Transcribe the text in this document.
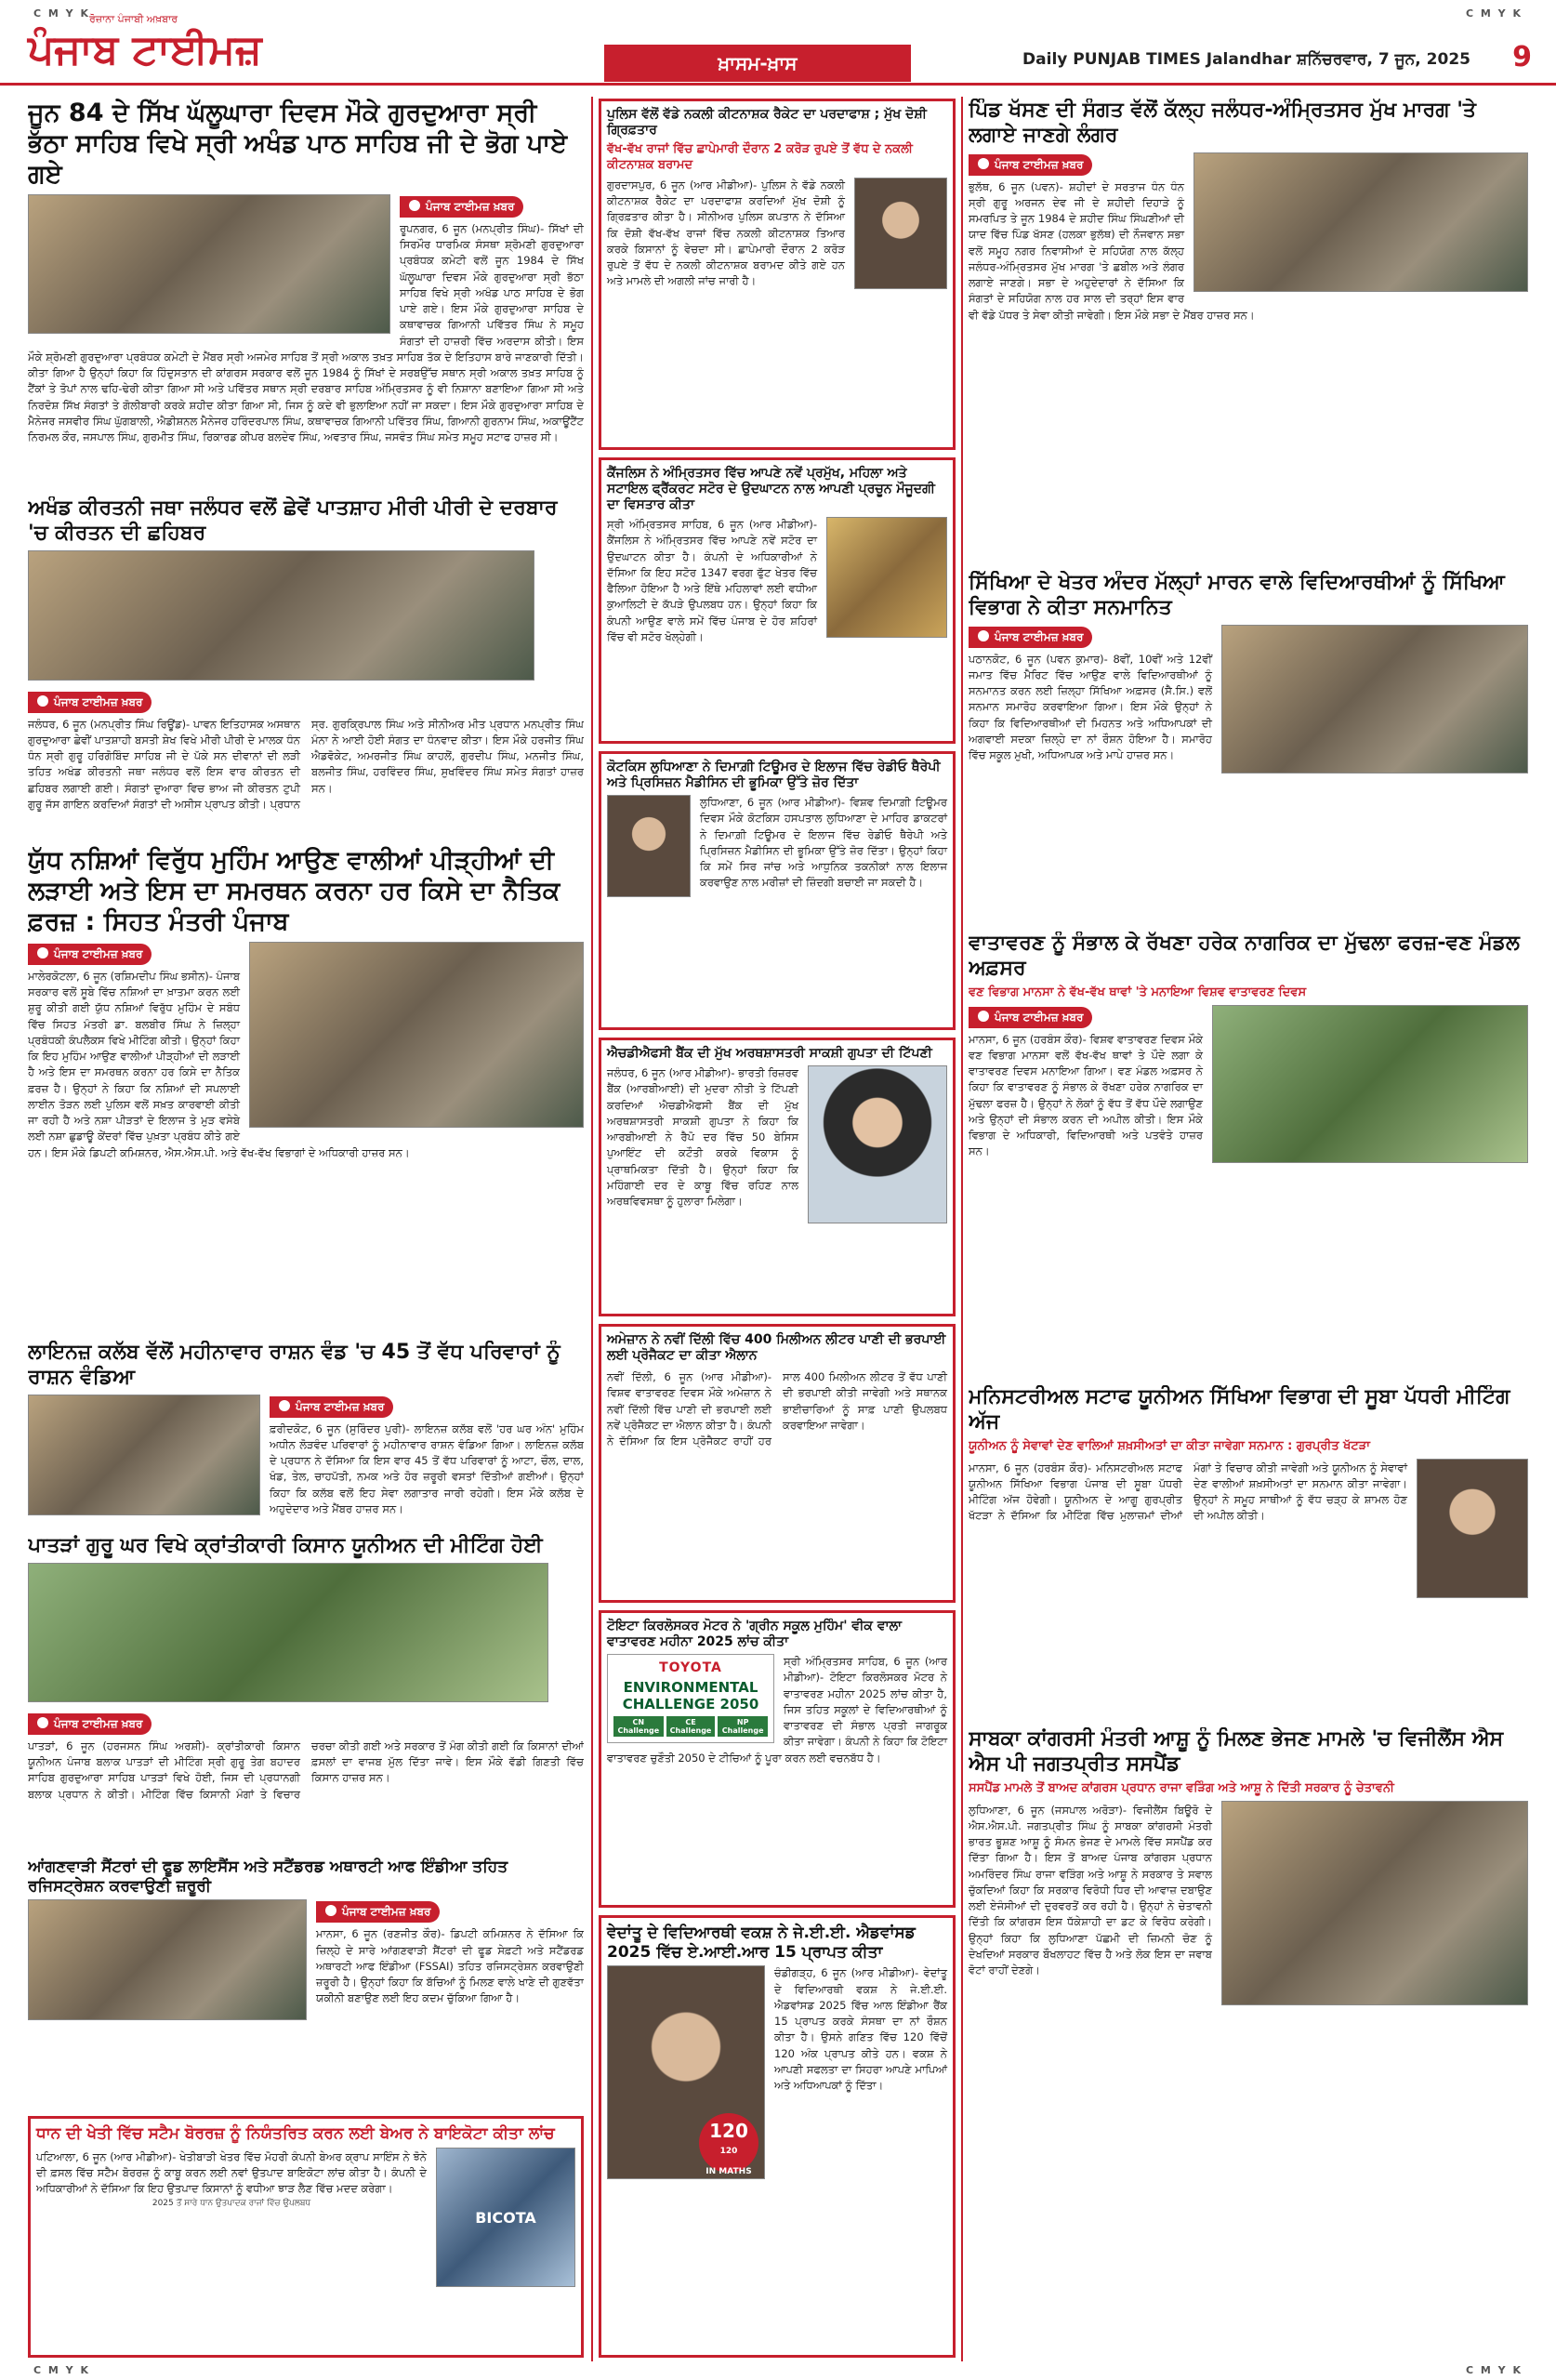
C M Y K	C M Y K
C M Y K	C M Y K
ਰੋਜ਼ਾਨਾ ਪੰਜਾਬੀ ਅਖ਼ਬਾਰ
ਪੰਜਾਬ ਟਾਈਮਜ਼	ਖ਼ਾਸਮ-ਖ਼ਾਸ	Daily PUNJAB TIMES Jalandhar ਸ਼ਨਿੱਚਰਵਾਰ, 7 ਜੂਨ, 2025 9
ਜੂਨ 84 ਦੇ ਸਿੱਖ ਘੱਲੂਘਾਰਾ ਦਿਵਸ ਮੌਕੇ ਗੁਰਦੁਆਰਾ ਸ੍ਰੀ ਭੱਠਾ ਸਾਹਿਬ ਵਿਖੇ ਸ੍ਰੀ ਅਖੰਡ ਪਾਠ ਸਾਹਿਬ ਜੀ ਦੇ ਭੋਗ ਪਾਏ ਗਏ
ਪੰਜਾਬ ਟਾਈਮਜ਼ ਖ਼ਬਰ
ਰੂਪਨਗਰ, 6 ਜੂਨ (ਮਨਪ੍ਰੀਤ ਸਿੰਘ)- ਸਿੱਖਾਂ ਦੀ ਸਿਰਮੌਰ ਧਾਰਮਿਕ ਸੰਸਥਾ ਸ਼੍ਰੋਮਣੀ ਗੁਰਦੁਆਰਾ ਪ੍ਰਬੰਧਕ ਕਮੇਟੀ ਵਲੋਂ ਜੂਨ 1984 ਦੇ ਸਿੱਖ ਘੱਲੂਘਾਰਾ ਦਿਵਸ ਮੌਕੇ ਗੁਰਦੁਆਰਾ ਸ੍ਰੀ ਭੱਠਾ ਸਾਹਿਬ ਵਿਖੇ ਸ੍ਰੀ ਅਖੰਡ ਪਾਠ ਸਾਹਿਬ ਦੇ ਭੋਗ ਪਾਏ ਗਏ। ਇਸ ਮੌਕੇ ਗੁਰਦੁਆਰਾ ਸਾਹਿਬ ਦੇ ਕਥਾਵਾਚਕ ਗਿਆਨੀ ਪਵਿੱਤਰ ਸਿੰਘ ਨੇ ਸਮੂਹ ਸੰਗਤਾਂ ਦੀ ਹਾਜ਼ਰੀ ਵਿੱਚ ਅਰਦਾਸ ਕੀਤੀ। ਇਸ ਮੌਕੇ ਸ਼੍ਰੋਮਣੀ ਗੁਰਦੁਆਰਾ ਪ੍ਰਬੰਧਕ ਕਮੇਟੀ ਦੇ ਮੈਂਬਰ ਸ੍ਰੀ ਅਜਮੇਰ ਸਾਹਿਬ ਤੋਂ ਸ੍ਰੀ ਅਕਾਲ ਤਖ਼ਤ ਸਾਹਿਬ ਤੱਕ ਦੇ ਇਤਿਹਾਸ ਬਾਰੇ ਜਾਣਕਾਰੀ ਦਿੱਤੀ। ਕੀਤਾ ਗਿਆ ਹੈ ਉਨ੍ਹਾਂ ਕਿਹਾ ਕਿ ਹਿੰਦੁਸਤਾਨ ਦੀ ਕਾਂਗਰਸ ਸਰਕਾਰ ਵਲੋਂ ਜੂਨ 1984 ਨੂੰ ਸਿੱਖਾਂ ਦੇ ਸਰਬਉੱਚ ਸਥਾਨ ਸ੍ਰੀ ਅਕਾਲ ਤਖ਼ਤ ਸਾਹਿਬ ਨੂੰ ਟੈਂਕਾਂ ਤੇ ਤੋਪਾਂ ਨਾਲ ਢਹਿ-ਢੇਰੀ ਕੀਤਾ ਗਿਆ ਸੀ ਅਤੇ ਪਵਿੱਤਰ ਸਥਾਨ ਸ੍ਰੀ ਦਰਬਾਰ ਸਾਹਿਬ ਅੰਮ੍ਰਿਤਸਰ ਨੂੰ ਵੀ ਨਿਸ਼ਾਨਾ ਬਣਾਇਆ ਗਿਆ ਸੀ ਅਤੇ ਨਿਰਦੋਸ਼ ਸਿੱਖ ਸੰਗਤਾਂ ਤੇ ਗੋਲੀਬਾਰੀ ਕਰਕੇ ਸ਼ਹੀਦ ਕੀਤਾ ਗਿਆ ਸੀ, ਜਿਸ ਨੂੰ ਕਦੇ ਵੀ ਭੁਲਾਇਆ ਨਹੀਂ ਜਾ ਸਕਦਾ। ਇਸ ਮੌਕੇ ਗੁਰਦੁਆਰਾ ਸਾਹਿਬ ਦੇ ਮੈਨੇਜਰ ਜਸਵੀਰ ਸਿੰਘ ਘੁੱਗਬਾਲੀ, ਐਡੀਸ਼ਨਲ ਮੈਨੇਜਰ ਹਰਿੰਦਰਪਾਲ ਸਿੰਘ, ਕਥਾਵਾਚਕ ਗਿਆਨੀ ਪਵਿੱਤਰ ਸਿੰਘ, ਗਿਆਨੀ ਗੁਰਨਾਮ ਸਿੰਘ, ਅਕਾਊਂਟੈਂਟ ਨਿਰਮਲ ਕੌਰ, ਜਸਪਾਲ ਸਿੰਘ, ਗੁਰਮੀਤ ਸਿੰਘ, ਰਿਕਾਰਡ ਕੀਪਰ ਬਲਦੇਵ ਸਿੰਘ, ਅਵਤਾਰ ਸਿੰਘ, ਜਸਵੰਤ ਸਿੰਘ ਸਮੇਤ ਸਮੂਹ ਸਟਾਫ ਹਾਜ਼ਰ ਸੀ।
ਅਖੰਡ ਕੀਰਤਨੀ ਜਥਾ ਜਲੰਧਰ ਵਲੋਂ ਛੇਵੇਂ ਪਾਤਸ਼ਾਹ ਮੀਰੀ ਪੀਰੀ ਦੇ ਦਰਬਾਰ 'ਚ ਕੀਰਤਨ ਦੀ ਛਹਿਬਰ
ਪੰਜਾਬ ਟਾਈਮਜ਼ ਖ਼ਬਰ
ਜਲੰਧਰ, 6 ਜੂਨ (ਮਨਪ੍ਰੀਤ ਸਿੰਘ ਰਿਊਂਡ)- ਪਾਵਨ ਇਤਿਹਾਸਕ ਅਸਥਾਨ ਗੁਰਦੁਆਰਾ ਛੇਵੀਂ ਪਾਤਸ਼ਾਹੀ ਬਸਤੀ ਸ਼ੇਖ ਵਿਖੇ ਮੀਰੀ ਪੀਰੀ ਦੇ ਮਾਲਕ ਧੰਨ ਧੰਨ ਸ੍ਰੀ ਗੁਰੂ ਹਰਿਗੋਬਿੰਦ ਸਾਹਿਬ ਜੀ ਦੇ ਪੱਕੇ ਸਨ ਦੀਵਾਨਾਂ ਦੀ ਲੜੀ ਤਹਿਤ ਅਖੰਡ ਕੀਰਤਨੀ ਜਥਾ ਜਲੰਧਰ ਵਲੋਂ ਇਸ ਵਾਰ ਕੀਰਤਨ ਦੀ ਛਹਿਬਰ ਲਗਾਈ ਗਈ। ਸੰਗਤਾਂ ਦੁਆਰਾ ਵਿਚ ਭਾਅ ਜੀ ਕੀਰਤਨ ਟੁਪੀ ਗੁਰੂ ਜੱਸ ਗਾਇਨ ਕਰਦਿਆਂ ਸੰਗਤਾਂ ਦੀ ਅਸੀਸ ਪ੍ਰਾਪਤ ਕੀਤੀ। ਪ੍ਰਧਾਨ ਸ੍ਰ. ਗੁਰਕ੍ਰਿਪਾਲ ਸਿੰਘ ਅਤੇ ਸੀਨੀਅਰ ਮੀਤ ਪ੍ਰਧਾਨ ਮਨਪ੍ਰੀਤ ਸਿੰਘ ਮੰਨਾ ਨੇ ਆਈ ਹੋਈ ਸੰਗਤ ਦਾ ਧੰਨਵਾਦ ਕੀਤਾ। ਇਸ ਮੌਕੇ ਹਰਜੀਤ ਸਿੰਘ ਐਡਵੋਕੇਟ, ਅਮਰਜੀਤ ਸਿੰਘ ਕਾਹਲੋਂ, ਗੁਰਦੀਪ ਸਿੰਘ, ਮਨਜੀਤ ਸਿੰਘ, ਬਲਜੀਤ ਸਿੰਘ, ਹਰਵਿੰਦਰ ਸਿੰਘ, ਸੁਖਵਿੰਦਰ ਸਿੰਘ ਸਮੇਤ ਸੰਗਤਾਂ ਹਾਜ਼ਰ ਸਨ।
ਯੁੱਧ ਨਸ਼ਿਆਂ ਵਿਰੁੱਧ ਮੁਹਿੰਮ ਆਉਣ ਵਾਲੀਆਂ ਪੀੜ੍ਹੀਆਂ ਦੀ ਲੜਾਈ ਅਤੇ ਇਸ ਦਾ ਸਮਰਥਨ ਕਰਨਾ ਹਰ ਕਿਸੇ ਦਾ ਨੈਤਿਕ ਫ਼ਰਜ਼ : ਸਿਹਤ ਮੰਤਰੀ ਪੰਜਾਬ
ਪੰਜਾਬ ਟਾਈਮਜ਼ ਖ਼ਬਰ
ਮਾਲੇਰਕੋਟਲਾ, 6 ਜੂਨ (ਰਸ਼ਿਮਦੀਪ ਸਿੰਘ ਭਸੀਨ)- ਪੰਜਾਬ ਸਰਕਾਰ ਵਲੋਂ ਸੂਬੇ ਵਿੱਚ ਨਸ਼ਿਆਂ ਦਾ ਖ਼ਾਤਮਾ ਕਰਨ ਲਈ ਸ਼ੁਰੂ ਕੀਤੀ ਗਈ ਯੁੱਧ ਨਸ਼ਿਆਂ ਵਿਰੁੱਧ ਮੁਹਿੰਮ ਦੇ ਸਬੰਧ ਵਿੱਚ ਸਿਹਤ ਮੰਤਰੀ ਡਾ. ਬਲਬੀਰ ਸਿੰਘ ਨੇ ਜ਼ਿਲ੍ਹਾ ਪ੍ਰਬੰਧਕੀ ਕੰਪਲੈਕਸ ਵਿਖੇ ਮੀਟਿੰਗ ਕੀਤੀ। ਉਨ੍ਹਾਂ ਕਿਹਾ ਕਿ ਇਹ ਮੁਹਿੰਮ ਆਉਣ ਵਾਲੀਆਂ ਪੀੜ੍ਹੀਆਂ ਦੀ ਲੜਾਈ ਹੈ ਅਤੇ ਇਸ ਦਾ ਸਮਰਥਨ ਕਰਨਾ ਹਰ ਕਿਸੇ ਦਾ ਨੈਤਿਕ ਫ਼ਰਜ਼ ਹੈ। ਉਨ੍ਹਾਂ ਨੇ ਕਿਹਾ ਕਿ ਨਸ਼ਿਆਂ ਦੀ ਸਪਲਾਈ ਲਾਈਨ ਤੋੜਨ ਲਈ ਪੁਲਿਸ ਵਲੋਂ ਸਖ਼ਤ ਕਾਰਵਾਈ ਕੀਤੀ ਜਾ ਰਹੀ ਹੈ ਅਤੇ ਨਸ਼ਾ ਪੀੜਤਾਂ ਦੇ ਇਲਾਜ ਤੇ ਮੁੜ ਵਸੇਬੇ ਲਈ ਨਸ਼ਾ ਛੁਡਾਊ ਕੇਂਦਰਾਂ ਵਿੱਚ ਪੁਖ਼ਤਾ ਪ੍ਰਬੰਧ ਕੀਤੇ ਗਏ ਹਨ। ਇਸ ਮੌਕੇ ਡਿਪਟੀ ਕਮਿਸ਼ਨਰ, ਐਸ.ਐਸ.ਪੀ. ਅਤੇ ਵੱਖ-ਵੱਖ ਵਿਭਾਗਾਂ ਦੇ ਅਧਿਕਾਰੀ ਹਾਜ਼ਰ ਸਨ।
ਲਾਇਨਜ਼ ਕਲੱਬ ਵੱਲੋਂ ਮਹੀਨਾਵਾਰ ਰਾਸ਼ਨ ਵੰਡ 'ਚ 45 ਤੋਂ ਵੱਧ ਪਰਿਵਾਰਾਂ ਨੂੰ ਰਾਸ਼ਨ ਵੰਡਿਆ
ਪੰਜਾਬ ਟਾਈਮਜ਼ ਖ਼ਬਰ
ਫ਼ਰੀਦਕੋਟ, 6 ਜੂਨ (ਸੁਰਿੰਦਰ ਪੁਰੀ)- ਲਾਇਨਜ਼ ਕਲੱਬ ਵਲੋਂ 'ਹਰ ਘਰ ਅੰਨ' ਮੁਹਿੰਮ ਅਧੀਨ ਲੋੜਵੰਦ ਪਰਿਵਾਰਾਂ ਨੂੰ ਮਹੀਨਾਵਾਰ ਰਾਸ਼ਨ ਵੰਡਿਆ ਗਿਆ। ਲਾਇਨਜ਼ ਕਲੱਬ ਦੇ ਪ੍ਰਧਾਨ ਨੇ ਦੱਸਿਆ ਕਿ ਇਸ ਵਾਰ 45 ਤੋਂ ਵੱਧ ਪਰਿਵਾਰਾਂ ਨੂੰ ਆਟਾ, ਚੌਲ, ਦਾਲ, ਖੰਡ, ਤੇਲ, ਚਾਹਪੱਤੀ, ਨਮਕ ਅਤੇ ਹੋਰ ਜ਼ਰੂਰੀ ਵਸਤਾਂ ਦਿੱਤੀਆਂ ਗਈਆਂ। ਉਨ੍ਹਾਂ ਕਿਹਾ ਕਿ ਕਲੱਬ ਵਲੋਂ ਇਹ ਸੇਵਾ ਲਗਾਤਾਰ ਜਾਰੀ ਰਹੇਗੀ। ਇਸ ਮੌਕੇ ਕਲੱਬ ਦੇ ਅਹੁਦੇਦਾਰ ਅਤੇ ਮੈਂਬਰ ਹਾਜ਼ਰ ਸਨ।
ਪਾਤੜਾਂ ਗੁਰੂ ਘਰ ਵਿਖੇ ਕ੍ਰਾਂਤੀਕਾਰੀ ਕਿਸਾਨ ਯੂਨੀਅਨ ਦੀ ਮੀਟਿੰਗ ਹੋਈ
ਪੰਜਾਬ ਟਾਈਮਜ਼ ਖ਼ਬਰ
ਪਾਤੜਾਂ, 6 ਜੂਨ (ਹਰਜਸਨ ਸਿੰਘ ਅਰਸ਼ੀ)- ਕ੍ਰਾਂਤੀਕਾਰੀ ਕਿਸਾਨ ਯੂਨੀਅਨ ਪੰਜਾਬ ਬਲਾਕ ਪਾਤੜਾਂ ਦੀ ਮੀਟਿੰਗ ਸ੍ਰੀ ਗੁਰੂ ਤੇਗ ਬਹਾਦਰ ਸਾਹਿਬ ਗੁਰਦੁਆਰਾ ਸਾਹਿਬ ਪਾਤੜਾਂ ਵਿਖੇ ਹੋਈ, ਜਿਸ ਦੀ ਪ੍ਰਧਾਨਗੀ ਬਲਾਕ ਪ੍ਰਧਾਨ ਨੇ ਕੀਤੀ। ਮੀਟਿੰਗ ਵਿੱਚ ਕਿਸਾਨੀ ਮੰਗਾਂ ਤੇ ਵਿਚਾਰ ਚਰਚਾ ਕੀਤੀ ਗਈ ਅਤੇ ਸਰਕਾਰ ਤੋਂ ਮੰਗ ਕੀਤੀ ਗਈ ਕਿ ਕਿਸਾਨਾਂ ਦੀਆਂ ਫ਼ਸਲਾਂ ਦਾ ਵਾਜਬ ਮੁੱਲ ਦਿੱਤਾ ਜਾਵੇ। ਇਸ ਮੌਕੇ ਵੱਡੀ ਗਿਣਤੀ ਵਿੱਚ ਕਿਸਾਨ ਹਾਜ਼ਰ ਸਨ।
ਆਂਗਣਵਾੜੀ ਸੈਂਟਰਾਂ ਦੀ ਫੂਡ ਲਾਇਸੈਂਸ ਅਤੇ ਸਟੈਂਡਰਡ ਅਥਾਰਟੀ ਆਫ ਇੰਡੀਆ ਤਹਿਤ ਰਜਿਸਟ੍ਰੇਸ਼ਨ ਕਰਵਾਉਣੀ ਜ਼ਰੂਰੀ
ਪੰਜਾਬ ਟਾਈਮਜ਼ ਖ਼ਬਰ
ਮਾਨਸਾ, 6 ਜੂਨ (ਰਣਜੀਤ ਕੌਰ)- ਡਿਪਟੀ ਕਮਿਸ਼ਨਰ ਨੇ ਦੱਸਿਆ ਕਿ ਜ਼ਿਲ੍ਹੇ ਦੇ ਸਾਰੇ ਆਂਗਣਵਾੜੀ ਸੈਂਟਰਾਂ ਦੀ ਫੂਡ ਸੇਫ਼ਟੀ ਅਤੇ ਸਟੈਂਡਰਡ ਅਥਾਰਟੀ ਆਫ ਇੰਡੀਆ (FSSAI) ਤਹਿਤ ਰਜਿਸਟ੍ਰੇਸ਼ਨ ਕਰਵਾਉਣੀ ਜ਼ਰੂਰੀ ਹੈ। ਉਨ੍ਹਾਂ ਕਿਹਾ ਕਿ ਬੱਚਿਆਂ ਨੂੰ ਮਿਲਣ ਵਾਲੇ ਖਾਣੇ ਦੀ ਗੁਣਵੱਤਾ ਯਕੀਨੀ ਬਣਾਉਣ ਲਈ ਇਹ ਕਦਮ ਚੁੱਕਿਆ ਗਿਆ ਹੈ।
ਧਾਨ ਦੀ ਖੇਤੀ ਵਿੱਚ ਸਟੈਮ ਬੋਰਰਜ਼ ਨੂੰ ਨਿਯੰਤਰਿਤ ਕਰਨ ਲਈ ਬੇਅਰ ਨੇ ਬਾਇਕੋਟਾ ਕੀਤਾ ਲਾਂਚ
BICOTA
ਪਟਿਆਲਾ, 6 ਜੂਨ (ਆਰ ਮੀਡੀਆ)- ਖੇਤੀਬਾੜੀ ਖੇਤਰ ਵਿੱਚ ਮੋਹਰੀ ਕੰਪਨੀ ਬੇਅਰ ਕ੍ਰਾਪ ਸਾਇੰਸ ਨੇ ਝੋਨੇ ਦੀ ਫ਼ਸਲ ਵਿੱਚ ਸਟੈਮ ਬੋਰਰਜ਼ ਨੂੰ ਕਾਬੂ ਕਰਨ ਲਈ ਨਵਾਂ ਉਤਪਾਦ ਬਾਇਕੋਟਾ ਲਾਂਚ ਕੀਤਾ ਹੈ। ਕੰਪਨੀ ਦੇ ਅਧਿਕਾਰੀਆਂ ਨੇ ਦੱਸਿਆ ਕਿ ਇਹ ਉਤਪਾਦ ਕਿਸਾਨਾਂ ਨੂੰ ਵਧੀਆ ਝਾੜ ਲੈਣ ਵਿੱਚ ਮਦਦ ਕਰੇਗਾ।
2025 ਤੋਂ ਸਾਰੇ ਧਾਨ ਉਤਪਾਦਕ ਰਾਜਾਂ ਵਿੱਚ ਉਪਲਬਧ
ਪੁਲਿਸ ਵੱਲੋਂ ਵੱਡੇ ਨਕਲੀ ਕੀਟਨਾਸ਼ਕ ਰੈਕੇਟ ਦਾ ਪਰਦਾਫਾਸ਼ ; ਮੁੱਖ ਦੋਸ਼ੀ ਗ੍ਰਿਫ਼ਤਾਰ
ਵੱਖ-ਵੱਖ ਰਾਜਾਂ ਵਿੱਚ ਛਾਪੇਮਾਰੀ ਦੌਰਾਨ 2 ਕਰੋੜ ਰੁਪਏ ਤੋਂ ਵੱਧ ਦੇ ਨਕਲੀ ਕੀਟਨਾਸ਼ਕ ਬਰਾਮਦ
ਗੁਰਦਾਸਪੁਰ, 6 ਜੂਨ (ਆਰ ਮੀਡੀਆ)- ਪੁਲਿਸ ਨੇ ਵੱਡੇ ਨਕਲੀ ਕੀਟਨਾਸ਼ਕ ਰੈਕੇਟ ਦਾ ਪਰਦਾਫਾਸ਼ ਕਰਦਿਆਂ ਮੁੱਖ ਦੋਸ਼ੀ ਨੂੰ ਗ੍ਰਿਫ਼ਤਾਰ ਕੀਤਾ ਹੈ। ਸੀਨੀਅਰ ਪੁਲਿਸ ਕਪਤਾਨ ਨੇ ਦੱਸਿਆ ਕਿ ਦੋਸ਼ੀ ਵੱਖ-ਵੱਖ ਰਾਜਾਂ ਵਿੱਚ ਨਕਲੀ ਕੀਟਨਾਸ਼ਕ ਤਿਆਰ ਕਰਕੇ ਕਿਸਾਨਾਂ ਨੂੰ ਵੇਚਦਾ ਸੀ। ਛਾਪੇਮਾਰੀ ਦੌਰਾਨ 2 ਕਰੋੜ ਰੁਪਏ ਤੋਂ ਵੱਧ ਦੇ ਨਕਲੀ ਕੀਟਨਾਸ਼ਕ ਬਰਾਮਦ ਕੀਤੇ ਗਏ ਹਨ ਅਤੇ ਮਾਮਲੇ ਦੀ ਅਗਲੀ ਜਾਂਚ ਜਾਰੀ ਹੈ।
ਕੈਂਜਲਿਸ ਨੇ ਅੰਮ੍ਰਿਤਸਰ ਵਿੱਚ ਆਪਣੇ ਨਵੇਂ ਪ੍ਰਮੁੱਖ, ਮਹਿਲਾ ਅਤੇ ਸਟਾਇਲ ਫ੍ਰੈਂਕਰਟ ਸਟੋਰ ਦੇ ਉਦਘਾਟਨ ਨਾਲ ਆਪਣੀ ਪ੍ਰਚੂਨ ਮੌਜੂਦਗੀ ਦਾ ਵਿਸਤਾਰ ਕੀਤਾ
ਸ੍ਰੀ ਅੰਮ੍ਰਿਤਸਰ ਸਾਹਿਬ, 6 ਜੂਨ (ਆਰ ਮੀਡੀਆ)- ਕੈਂਜਲਿਸ ਨੇ ਅੰਮ੍ਰਿਤਸਰ ਵਿੱਚ ਆਪਣੇ ਨਵੇਂ ਸਟੋਰ ਦਾ ਉਦਘਾਟਨ ਕੀਤਾ ਹੈ। ਕੰਪਨੀ ਦੇ ਅਧਿਕਾਰੀਆਂ ਨੇ ਦੱਸਿਆ ਕਿ ਇਹ ਸਟੋਰ 1347 ਵਰਗ ਫੁੱਟ ਖੇਤਰ ਵਿੱਚ ਫੈਲਿਆ ਹੋਇਆ ਹੈ ਅਤੇ ਇੱਥੇ ਮਹਿਲਾਵਾਂ ਲਈ ਵਧੀਆ ਕੁਆਲਿਟੀ ਦੇ ਕੱਪੜੇ ਉਪਲਬਧ ਹਨ। ਉਨ੍ਹਾਂ ਕਿਹਾ ਕਿ ਕੰਪਨੀ ਆਉਣ ਵਾਲੇ ਸਮੇਂ ਵਿੱਚ ਪੰਜਾਬ ਦੇ ਹੋਰ ਸ਼ਹਿਰਾਂ ਵਿੱਚ ਵੀ ਸਟੋਰ ਖੋਲ੍ਹੇਗੀ।
ਕੋਟਕਿਸ ਲੁਧਿਆਣਾ ਨੇ ਦਿਮਾਗ਼ੀ ਟਿਊਮਰ ਦੇ ਇਲਾਜ ਵਿੱਚ ਰੇਡੀਓ ਥੈਰੇਪੀ ਅਤੇ ਪ੍ਰਿਸਿਜ਼ਨ ਮੈਡੀਸਿਨ ਦੀ ਭੂਮਿਕਾ ਉੱਤੇ ਜ਼ੋਰ ਦਿੱਤਾ
ਲੁਧਿਆਣਾ, 6 ਜੂਨ (ਆਰ ਮੀਡੀਆ)- ਵਿਸ਼ਵ ਦਿਮਾਗ਼ੀ ਟਿਊਮਰ ਦਿਵਸ ਮੌਕੇ ਕੋਟਕਿਸ ਹਸਪਤਾਲ ਲੁਧਿਆਣਾ ਦੇ ਮਾਹਿਰ ਡਾਕਟਰਾਂ ਨੇ ਦਿਮਾਗ਼ੀ ਟਿਊਮਰ ਦੇ ਇਲਾਜ ਵਿੱਚ ਰੇਡੀਓ ਥੈਰੇਪੀ ਅਤੇ ਪ੍ਰਿਸਿਜ਼ਨ ਮੈਡੀਸਿਨ ਦੀ ਭੂਮਿਕਾ ਉੱਤੇ ਜ਼ੋਰ ਦਿੱਤਾ। ਉਨ੍ਹਾਂ ਕਿਹਾ ਕਿ ਸਮੇਂ ਸਿਰ ਜਾਂਚ ਅਤੇ ਆਧੁਨਿਕ ਤਕਨੀਕਾਂ ਨਾਲ ਇਲਾਜ ਕਰਵਾਉਣ ਨਾਲ ਮਰੀਜ਼ਾਂ ਦੀ ਜ਼ਿੰਦਗੀ ਬਚਾਈ ਜਾ ਸਕਦੀ ਹੈ।
ਐਚਡੀਐਫਸੀ ਬੈਂਕ ਦੀ ਮੁੱਖ ਅਰਥਸ਼ਾਸਤਰੀ ਸਾਕਸ਼ੀ ਗੁਪਤਾ ਦੀ ਟਿੱਪਣੀ
ਜਲੰਧਰ, 6 ਜੂਨ (ਆਰ ਮੀਡੀਆ)- ਭਾਰਤੀ ਰਿਜ਼ਰਵ ਬੈਂਕ (ਆਰਬੀਆਈ) ਦੀ ਮੁਦਰਾ ਨੀਤੀ ਤੇ ਟਿੱਪਣੀ ਕਰਦਿਆਂ ਐਚਡੀਐਫਸੀ ਬੈਂਕ ਦੀ ਮੁੱਖ ਅਰਥਸ਼ਾਸਤਰੀ ਸਾਕਸ਼ੀ ਗੁਪਤਾ ਨੇ ਕਿਹਾ ਕਿ ਆਰਬੀਆਈ ਨੇ ਰੈਪੋ ਦਰ ਵਿੱਚ 50 ਬੇਸਿਸ ਪੁਆਇੰਟ ਦੀ ਕਟੌਤੀ ਕਰਕੇ ਵਿਕਾਸ ਨੂੰ ਪ੍ਰਾਥਮਿਕਤਾ ਦਿੱਤੀ ਹੈ। ਉਨ੍ਹਾਂ ਕਿਹਾ ਕਿ ਮਹਿੰਗਾਈ ਦਰ ਦੇ ਕਾਬੂ ਵਿੱਚ ਰਹਿਣ ਨਾਲ ਅਰਥਵਿਵਸਥਾ ਨੂੰ ਹੁਲਾਰਾ ਮਿਲੇਗਾ।
ਅਮੇਜ਼ਾਨ ਨੇ ਨਵੀਂ ਦਿੱਲੀ ਵਿੱਚ 400 ਮਿਲੀਅਨ ਲੀਟਰ ਪਾਣੀ ਦੀ ਭਰਪਾਈ ਲਈ ਪ੍ਰੋਜੈਕਟ ਦਾ ਕੀਤਾ ਐਲਾਨ
ਨਵੀਂ ਦਿੱਲੀ, 6 ਜੂਨ (ਆਰ ਮੀਡੀਆ)- ਵਿਸ਼ਵ ਵਾਤਾਵਰਣ ਦਿਵਸ ਮੌਕੇ ਅਮੇਜ਼ਾਨ ਨੇ ਨਵੀਂ ਦਿੱਲੀ ਵਿੱਚ ਪਾਣੀ ਦੀ ਭਰਪਾਈ ਲਈ ਨਵੇਂ ਪ੍ਰੋਜੈਕਟ ਦਾ ਐਲਾਨ ਕੀਤਾ ਹੈ। ਕੰਪਨੀ ਨੇ ਦੱਸਿਆ ਕਿ ਇਸ ਪ੍ਰੋਜੈਕਟ ਰਾਹੀਂ ਹਰ ਸਾਲ 400 ਮਿਲੀਅਨ ਲੀਟਰ ਤੋਂ ਵੱਧ ਪਾਣੀ ਦੀ ਭਰਪਾਈ ਕੀਤੀ ਜਾਵੇਗੀ ਅਤੇ ਸਥਾਨਕ ਭਾਈਚਾਰਿਆਂ ਨੂੰ ਸਾਫ਼ ਪਾਣੀ ਉਪਲਬਧ ਕਰਵਾਇਆ ਜਾਵੇਗਾ।
ਟੋਇਟਾ ਕਿਰਲੋਸਕਰ ਮੋਟਰ ਨੇ 'ਗ੍ਰੀਨ ਸਕੂਲ ਮੁਹਿੰਮ' ਵੀਕ ਵਾਲਾ ਵਾਤਾਵਰਣ ਮਹੀਨਾ 2025 ਲਾਂਚ ਕੀਤਾ
TOYOTA
ENVIRONMENTAL CHALLENGE 2050
CN Challenge
CE Challenge
NP Challenge
ਸ੍ਰੀ ਅੰਮ੍ਰਿਤਸਰ ਸਾਹਿਬ, 6 ਜੂਨ (ਆਰ ਮੀਡੀਆ)- ਟੋਇਟਾ ਕਿਰਲੋਸਕਰ ਮੋਟਰ ਨੇ ਵਾਤਾਵਰਣ ਮਹੀਨਾ 2025 ਲਾਂਚ ਕੀਤਾ ਹੈ, ਜਿਸ ਤਹਿਤ ਸਕੂਲਾਂ ਦੇ ਵਿਦਿਆਰਥੀਆਂ ਨੂੰ ਵਾਤਾਵਰਣ ਦੀ ਸੰਭਾਲ ਪ੍ਰਤੀ ਜਾਗਰੂਕ ਕੀਤਾ ਜਾਵੇਗਾ। ਕੰਪਨੀ ਨੇ ਕਿਹਾ ਕਿ ਟੋਇਟਾ ਵਾਤਾਵਰਣ ਚੁਣੌਤੀ 2050 ਦੇ ਟੀਚਿਆਂ ਨੂੰ ਪੂਰਾ ਕਰਨ ਲਈ ਵਚਨਬੱਧ ਹੈ।
ਵੇਦਾਂਤੂ ਦੇ ਵਿਦਿਆਰਥੀ ਵਕਸ਼ ਨੇ ਜੇ.ਈ.ਈ. ਐਡਵਾਂਸਡ 2025 ਵਿੱਚ ਏ.ਆਈ.ਆਰ 15 ਪ੍ਰਾਪਤ ਕੀਤਾ
120
120
IN MATHS
ਚੰਡੀਗੜ੍ਹ, 6 ਜੂਨ (ਆਰ ਮੀਡੀਆ)- ਵੇਦਾਂਤੂ ਦੇ ਵਿਦਿਆਰਥੀ ਵਕਸ਼ ਨੇ ਜੇ.ਈ.ਈ. ਐਡਵਾਂਸਡ 2025 ਵਿੱਚ ਆਲ ਇੰਡੀਆ ਰੈਂਕ 15 ਪ੍ਰਾਪਤ ਕਰਕੇ ਸੰਸਥਾ ਦਾ ਨਾਂ ਰੌਸ਼ਨ ਕੀਤਾ ਹੈ। ਉਸਨੇ ਗਣਿਤ ਵਿੱਚ 120 ਵਿੱਚੋਂ 120 ਅੰਕ ਪ੍ਰਾਪਤ ਕੀਤੇ ਹਨ। ਵਕਸ਼ ਨੇ ਆਪਣੀ ਸਫਲਤਾ ਦਾ ਸਿਹਰਾ ਆਪਣੇ ਮਾਪਿਆਂ ਅਤੇ ਅਧਿਆਪਕਾਂ ਨੂੰ ਦਿੱਤਾ।
ਪਿੰਡ ਖੱਸਣ ਦੀ ਸੰਗਤ ਵੱਲੋਂ ਕੱਲ੍ਹ ਜਲੰਧਰ-ਅੰਮ੍ਰਿਤਸਰ ਮੁੱਖ ਮਾਰਗ 'ਤੇ ਲਗਾਏ ਜਾਣਗੇ ਲੰਗਰ
ਪੰਜਾਬ ਟਾਈਮਜ਼ ਖ਼ਬਰ
ਭੁਲੱਥ, 6 ਜੂਨ (ਪਵਨ)- ਸ਼ਹੀਦਾਂ ਦੇ ਸਰਤਾਜ ਧੰਨ ਧੰਨ ਸ੍ਰੀ ਗੁਰੂ ਅਰਜਨ ਦੇਵ ਜੀ ਦੇ ਸ਼ਹੀਦੀ ਦਿਹਾੜੇ ਨੂੰ ਸਮਰਪਿਤ ਤੇ ਜੂਨ 1984 ਦੇ ਸ਼ਹੀਦ ਸਿੰਘ ਸਿੰਘਣੀਆਂ ਦੀ ਯਾਦ ਵਿੱਚ ਪਿੰਡ ਖੱਸਣ (ਹਲਕਾ ਭੁਲੱਥ) ਦੀ ਨੌਜਵਾਨ ਸਭਾ ਵਲੋਂ ਸਮੂਹ ਨਗਰ ਨਿਵਾਸੀਆਂ ਦੇ ਸਹਿਯੋਗ ਨਾਲ ਕੱਲ੍ਹ ਜਲੰਧਰ-ਅੰਮ੍ਰਿਤਸਰ ਮੁੱਖ ਮਾਰਗ 'ਤੇ ਛਬੀਲ ਅਤੇ ਲੰਗਰ ਲਗਾਏ ਜਾਣਗੇ। ਸਭਾ ਦੇ ਅਹੁਦੇਦਾਰਾਂ ਨੇ ਦੱਸਿਆ ਕਿ ਸੰਗਤਾਂ ਦੇ ਸਹਿਯੋਗ ਨਾਲ ਹਰ ਸਾਲ ਦੀ ਤਰ੍ਹਾਂ ਇਸ ਵਾਰ ਵੀ ਵੱਡੇ ਪੱਧਰ ਤੇ ਸੇਵਾ ਕੀਤੀ ਜਾਵੇਗੀ। ਇਸ ਮੌਕੇ ਸਭਾ ਦੇ ਮੈਂਬਰ ਹਾਜ਼ਰ ਸਨ।
ਸਿੱਖਿਆ ਦੇ ਖੇਤਰ ਅੰਦਰ ਮੱਲ੍ਹਾਂ ਮਾਰਨ ਵਾਲੇ ਵਿਦਿਆਰਥੀਆਂ ਨੂੰ ਸਿੱਖਿਆ ਵਿਭਾਗ ਨੇ ਕੀਤਾ ਸਨਮਾਨਿਤ
ਪੰਜਾਬ ਟਾਈਮਜ਼ ਖ਼ਬਰ
ਪਠਾਨਕੋਟ, 6 ਜੂਨ (ਪਵਨ ਕੁਮਾਰ)- 8ਵੀਂ, 10ਵੀਂ ਅਤੇ 12ਵੀਂ ਜਮਾਤ ਵਿੱਚ ਮੈਰਿਟ ਵਿੱਚ ਆਉਣ ਵਾਲੇ ਵਿਦਿਆਰਥੀਆਂ ਨੂੰ ਸਨਮਾਨਤ ਕਰਨ ਲਈ ਜ਼ਿਲ੍ਹਾ ਸਿੱਖਿਆ ਅਫ਼ਸਰ (ਸੈ.ਸਿ.) ਵਲੋਂ ਸਨਮਾਨ ਸਮਾਰੋਹ ਕਰਵਾਇਆ ਗਿਆ। ਇਸ ਮੌਕੇ ਉਨ੍ਹਾਂ ਨੇ ਕਿਹਾ ਕਿ ਵਿਦਿਆਰਥੀਆਂ ਦੀ ਮਿਹਨਤ ਅਤੇ ਅਧਿਆਪਕਾਂ ਦੀ ਅਗਵਾਈ ਸਦਕਾ ਜ਼ਿਲ੍ਹੇ ਦਾ ਨਾਂ ਰੌਸ਼ਨ ਹੋਇਆ ਹੈ। ਸਮਾਰੋਹ ਵਿੱਚ ਸਕੂਲ ਮੁਖੀ, ਅਧਿਆਪਕ ਅਤੇ ਮਾਪੇ ਹਾਜ਼ਰ ਸਨ।
ਵਾਤਾਵਰਣ ਨੂੰ ਸੰਭਾਲ ਕੇ ਰੱਖਣਾ ਹਰੇਕ ਨਾਗਰਿਕ ਦਾ ਮੁੱਢਲਾ ਫਰਜ਼-ਵਣ ਮੰਡਲ ਅਫ਼ਸਰ
ਵਣ ਵਿਭਾਗ ਮਾਨਸਾ ਨੇ ਵੱਖ-ਵੱਖ ਥਾਵਾਂ 'ਤੇ ਮਨਾਇਆ ਵਿਸ਼ਵ ਵਾਤਾਵਰਣ ਦਿਵਸ
ਪੰਜਾਬ ਟਾਈਮਜ਼ ਖ਼ਬਰ
ਮਾਨਸਾ, 6 ਜੂਨ (ਹਰਬੰਸ ਕੌਰ)- ਵਿਸ਼ਵ ਵਾਤਾਵਰਣ ਦਿਵਸ ਮੌਕੇ ਵਣ ਵਿਭਾਗ ਮਾਨਸਾ ਵਲੋਂ ਵੱਖ-ਵੱਖ ਥਾਵਾਂ ਤੇ ਪੌਦੇ ਲਗਾ ਕੇ ਵਾਤਾਵਰਣ ਦਿਵਸ ਮਨਾਇਆ ਗਿਆ। ਵਣ ਮੰਡਲ ਅਫ਼ਸਰ ਨੇ ਕਿਹਾ ਕਿ ਵਾਤਾਵਰਣ ਨੂੰ ਸੰਭਾਲ ਕੇ ਰੱਖਣਾ ਹਰੇਕ ਨਾਗਰਿਕ ਦਾ ਮੁੱਢਲਾ ਫਰਜ਼ ਹੈ। ਉਨ੍ਹਾਂ ਨੇ ਲੋਕਾਂ ਨੂੰ ਵੱਧ ਤੋਂ ਵੱਧ ਪੌਦੇ ਲਗਾਉਣ ਅਤੇ ਉਨ੍ਹਾਂ ਦੀ ਸੰਭਾਲ ਕਰਨ ਦੀ ਅਪੀਲ ਕੀਤੀ। ਇਸ ਮੌਕੇ ਵਿਭਾਗ ਦੇ ਅਧਿਕਾਰੀ, ਵਿਦਿਆਰਥੀ ਅਤੇ ਪਤਵੰਤੇ ਹਾਜ਼ਰ ਸਨ।
ਮਨਿਸਟਰੀਅਲ ਸਟਾਫ ਯੂਨੀਅਨ ਸਿੱਖਿਆ ਵਿਭਾਗ ਦੀ ਸੂਬਾ ਪੱਧਰੀ ਮੀਟਿੰਗ ਅੱਜ
ਯੂਨੀਅਨ ਨੂੰ ਸੇਵਾਵਾਂ ਦੇਣ ਵਾਲਿਆਂ ਸ਼ਖ਼ਸੀਅਤਾਂ ਦਾ ਕੀਤਾ ਜਾਵੇਗਾ ਸਨਮਾਨ : ਗੁਰਪ੍ਰੀਤ ਖੱਟੜਾ
ਮਾਨਸਾ, 6 ਜੂਨ (ਹਰਬੰਸ ਕੌਰ)- ਮਨਿਸਟਰੀਅਲ ਸਟਾਫ ਯੂਨੀਅਨ ਸਿੱਖਿਆ ਵਿਭਾਗ ਪੰਜਾਬ ਦੀ ਸੂਬਾ ਪੱਧਰੀ ਮੀਟਿੰਗ ਅੱਜ ਹੋਵੇਗੀ। ਯੂਨੀਅਨ ਦੇ ਆਗੂ ਗੁਰਪ੍ਰੀਤ ਖੱਟੜਾ ਨੇ ਦੱਸਿਆ ਕਿ ਮੀਟਿੰਗ ਵਿੱਚ ਮੁਲਾਜ਼ਮਾਂ ਦੀਆਂ ਮੰਗਾਂ ਤੇ ਵਿਚਾਰ ਕੀਤੀ ਜਾਵੇਗੀ ਅਤੇ ਯੂਨੀਅਨ ਨੂੰ ਸੇਵਾਵਾਂ ਦੇਣ ਵਾਲੀਆਂ ਸ਼ਖ਼ਸੀਅਤਾਂ ਦਾ ਸਨਮਾਨ ਕੀਤਾ ਜਾਵੇਗਾ। ਉਨ੍ਹਾਂ ਨੇ ਸਮੂਹ ਸਾਥੀਆਂ ਨੂੰ ਵੱਧ ਚੜ੍ਹ ਕੇ ਸ਼ਾਮਲ ਹੋਣ ਦੀ ਅਪੀਲ ਕੀਤੀ।
ਸਾਬਕਾ ਕਾਂਗਰਸੀ ਮੰਤਰੀ ਆਸ਼ੂ ਨੂੰ ਮਿਲਣ ਭੇਜਣ ਮਾਮਲੇ 'ਚ ਵਿਜੀਲੈਂਸ ਐਸ ਐਸ ਪੀ ਜਗਤਪ੍ਰੀਤ ਸਸਪੈਂਡ
ਸਸਪੈਂਡ ਮਾਮਲੇ ਤੋਂ ਬਾਅਦ ਕਾਂਗਰਸ ਪ੍ਰਧਾਨ ਰਾਜਾ ਵੜਿੰਗ ਅਤੇ ਆਸ਼ੂ ਨੇ ਦਿੱਤੀ ਸਰਕਾਰ ਨੂੰ ਚੇਤਾਵਨੀ
ਲੁਧਿਆਣਾ, 6 ਜੂਨ (ਜਸਪਾਲ ਅਰੋੜਾ)- ਵਿਜੀਲੈਂਸ ਬਿਊਰੋ ਦੇ ਐਸ.ਐਸ.ਪੀ. ਜਗਤਪ੍ਰੀਤ ਸਿੰਘ ਨੂੰ ਸਾਬਕਾ ਕਾਂਗਰਸੀ ਮੰਤਰੀ ਭਾਰਤ ਭੂਸ਼ਣ ਆਸ਼ੂ ਨੂੰ ਸੰਮਨ ਭੇਜਣ ਦੇ ਮਾਮਲੇ ਵਿੱਚ ਸਸਪੈਂਡ ਕਰ ਦਿੱਤਾ ਗਿਆ ਹੈ। ਇਸ ਤੋਂ ਬਾਅਦ ਪੰਜਾਬ ਕਾਂਗਰਸ ਪ੍ਰਧਾਨ ਅਮਰਿੰਦਰ ਸਿੰਘ ਰਾਜਾ ਵੜਿੰਗ ਅਤੇ ਆਸ਼ੂ ਨੇ ਸਰਕਾਰ ਤੇ ਸਵਾਲ ਚੁੱਕਦਿਆਂ ਕਿਹਾ ਕਿ ਸਰਕਾਰ ਵਿਰੋਧੀ ਧਿਰ ਦੀ ਆਵਾਜ਼ ਦਬਾਉਣ ਲਈ ਏਜੰਸੀਆਂ ਦੀ ਦੁਰਵਰਤੋਂ ਕਰ ਰਹੀ ਹੈ। ਉਨ੍ਹਾਂ ਨੇ ਚੇਤਾਵਨੀ ਦਿੱਤੀ ਕਿ ਕਾਂਗਰਸ ਇਸ ਧੱਕੇਸ਼ਾਹੀ ਦਾ ਡਟ ਕੇ ਵਿਰੋਧ ਕਰੇਗੀ। ਉਨ੍ਹਾਂ ਕਿਹਾ ਕਿ ਲੁਧਿਆਣਾ ਪੱਛਮੀ ਦੀ ਜ਼ਿਮਨੀ ਚੋਣ ਨੂੰ ਦੇਖਦਿਆਂ ਸਰਕਾਰ ਬੌਖਲਾਹਟ ਵਿੱਚ ਹੈ ਅਤੇ ਲੋਕ ਇਸ ਦਾ ਜਵਾਬ ਵੋਟਾਂ ਰਾਹੀਂ ਦੇਣਗੇ।
